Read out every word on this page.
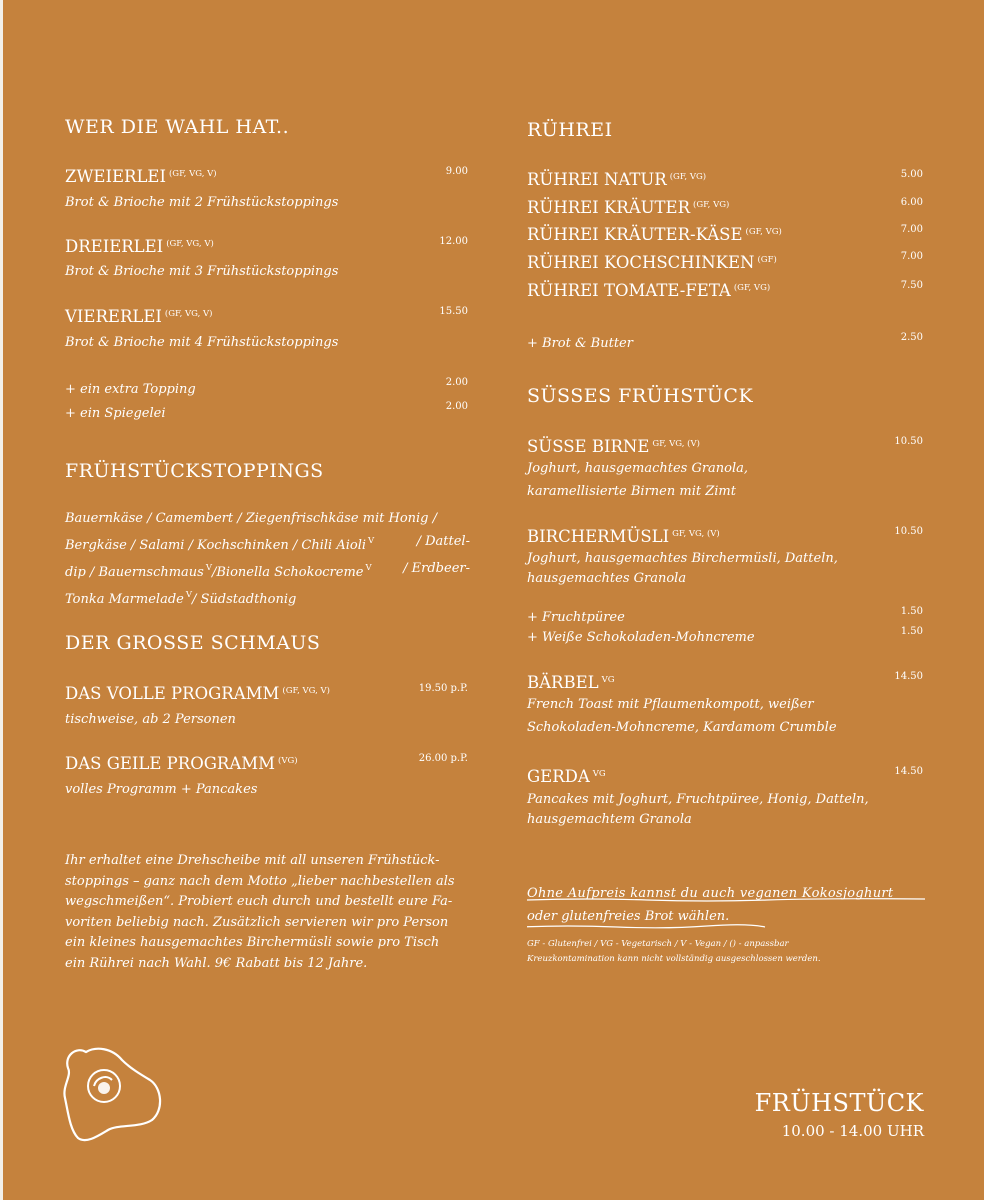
WER DIE WAHL HAT..
ZWEIERLEI $^{(GF, VG, V)}$	9.00
Brot & Brioche mit 2 Frühstückstoppings
DREIERLEI $^{(GF, VG, V)}$	12.00
Brot & Brioche mit 3 Frühstückstoppings
VIERERLEI $^{(GF, VG, V)}$	15.50
Brot & Brioche mit 4 Frühstückstoppings
+ ein extra Topping	2.00
+ ein Spiegelei	2.00
FRÜHSTÜCKSTOPPINGS
Bauernkäse / Camembert / Ziegenfrischkäse mit Honig /
Bergkäse / Salami / Kochschinken / Chili Aioli $^V$	/ Dattel-
dip / Bauernschmaus $^V$/Bionella Schokocreme $^V$ / Erdbeer-
Tonka Marmelade $^V$/ Südstadthonig
DER GROSSE SCHMAUS
DAS VOLLE PROGRAMM $^{(GF, VG, V)}$	19.50 p.P.
tischweise, ab 2 Personen
DAS GEILE PROGRAMM $^{(VG)}$	26.00 p.P.
volles Programm + Pancakes
Ihr erhaltet eine Drehscheibe mit all unseren Frühstück-
stoppings – ganz nach dem Motto „lieber nachbestellen als
wegschmeißen“. Probiert euch durch und bestellt eure Fa-
voriten beliebig nach. Zusätzlich servieren wir pro Person
ein kleines hausgemachtes Birchermüsli sowie pro Tisch
ein Rührei nach Wahl. 9€ Rabatt bis 12 Jahre.
RÜHREI
RÜHREI NATUR $^{(GF, VG)}$	5.00
RÜHREI KRÄUTER $^{(GF, VG)}$	6.00
RÜHREI KRÄUTER-KÄSE $^{(GF, VG)}$	7.00
RÜHREI KOCHSCHINKEN $^{(GF)}$	7.00
RÜHREI TOMATE-FETA $^{(GF, VG)}$	7.50
+ Brot & Butter	2.50
SÜSSES FRÜHSTÜCK
SÜSSE BIRNE $^{GF, VG, (V)}$	10.50
Joghurt, hausgemachtes Granola,
karamellisierte Birnen mit Zimt
BIRCHERMÜSLI $^{GF, VG, (V)}$	10.50
Joghurt, hausgemachtes Birchermüsli, Datteln,
hausgemachtes Granola
+ Fruchtpüree	1.50
+ Weiße Schokoladen-Mohncreme	1.50
BÄRBEL $^{VG}$	14.50
French Toast mit Pflaumenkompott, weißer
Schokoladen-Mohncreme, Kardamom Crumble
GERDA $^{VG}$	14.50
Pancakes mit Joghurt, Fruchtpüree, Honig, Datteln,
hausgemachtem Granola
Ohne Aufpreis kannst du auch veganen Kokosjoghurt
oder glutenfreies Brot wählen.
GF - Glutenfrei / VG - Vegetarisch / V - Vegan / () - anpassbar
Kreuzkontamination kann nicht vollständig ausgeschlossen werden.
FRÜHSTÜCK
10.00 - 14.00 UHR
